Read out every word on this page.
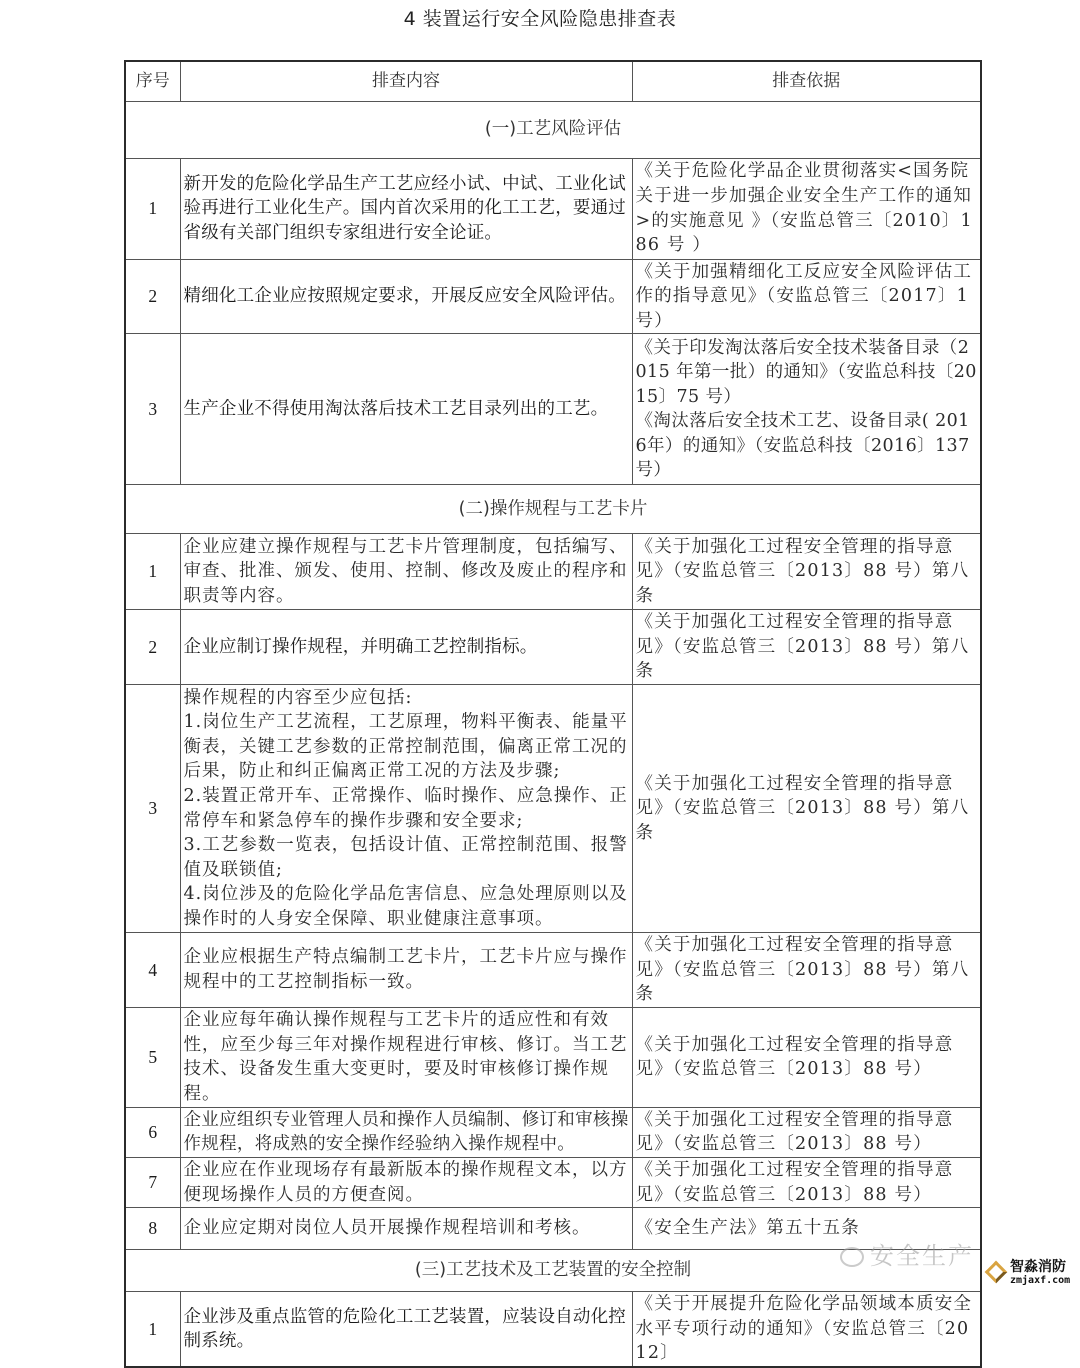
4 装置运行安全风险隐患排查表
序号	排查内容	排查依据
(一)工艺风险评估		
1	新开发的危险化学品生产工艺应经小试、中试、工业化试验再进行工业化生产。国内首次采用的化工工艺，要通过省级有关部门组织专家组进行安全论证。	《关于危险化学品企业贯彻落实<国务院关于进一步加强企业安全生产工作的通知>的实施意见 》（安监总管三〔2010〕186 号 ）
2	精细化工企业应按照规定要求，开展反应安全风险评估。	《关于加强精细化工反应安全风险评估工作的指导意见》（安监总管三〔2017〕1号）
3	生产企业不得使用淘汰落后技术工艺目录列出的工艺。	《关于印发淘汰落后安全技术装备目录（2015 年第一批）的通知》（安监总科技〔2015〕75 号）
《淘汰落后安全技术工艺、设备目录( 2016年）的通知》（安监总科技〔2016〕137号）
(二)操作规程与工艺卡片		
1	企业应建立操作规程与工艺卡片管理制度，包括编写、审查、批准、颁发、使用、控制、修改及废止的程序和职责等内容。	《关于加强化工过程安全管理的指导意见》（安监总管三〔2013〕88 号）第八条
2	企业应制订操作规程，并明确工艺控制指标。	《关于加强化工过程安全管理的指导意见》（安监总管三〔2013〕88 号）第八条
3	操作规程的内容至少应包括:
1.岗位生产工艺流程，工艺原理，物料平衡表、能量平衡表，关键工艺参数的正常控制范围，偏离正常工况的后果，防止和纠正偏离正常工况的方法及步骤;
2.装置正常开车、正常操作、临时操作、应急操作、正常停车和紧急停车的操作步骤和安全要求;
3.工艺参数一览表，包括设计值、正常控制范围、报警值及联锁值;
4.岗位涉及的危险化学品危害信息、应急处理原则以及操作时的人身安全保障、职业健康注意事项。	《关于加强化工过程安全管理的指导意见》（安监总管三〔2013〕88 号）第八条
4	企业应根据生产特点编制工艺卡片，工艺卡片应与操作规程中的工艺控制指标一致。	《关于加强化工过程安全管理的指导意见》（安监总管三〔2013〕88 号）第八条
5	企业应每年确认操作规程与工艺卡片的适应性和有效性，应至少每三年对操作规程进行审核、修订。当工艺技术、设备发生重大变更时，要及时审核修订操作规程。	《关于加强化工过程安全管理的指导意见》（安监总管三〔2013〕88 号）
6	企业应组织专业管理人员和操作人员编制、修订和审核操作规程，将成熟的安全操作经验纳入操作规程中。	《关于加强化工过程安全管理的指导意见》（安监总管三〔2013〕88 号）
7	企业应在作业现场存有最新版本的操作规程文本，以方便现场操作人员的方便查阅。	《关于加强化工过程安全管理的指导意见》（安监总管三〔2013〕88 号）
8	企业应定期对岗位人员开展操作规程培训和考核。	《安全生产法》第五十五条
(三)工艺技术及工艺装置的安全控制		
1	企业涉及重点监管的危险化工工艺装置，应装设自动化控制系统。	《关于开展提升危险化学品领域本质安全水平专项行动的通知》（安监总管三〔2012〕
安全生产	智淼消防
zmjaxf.com
